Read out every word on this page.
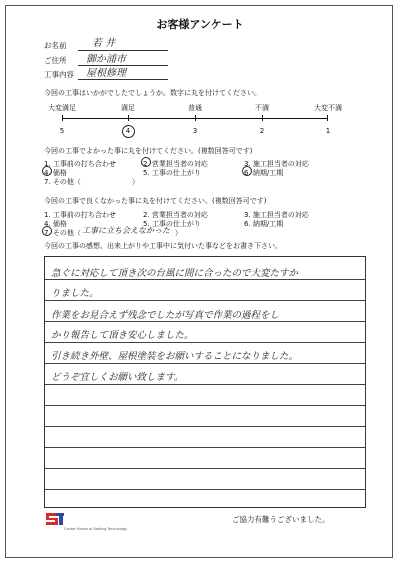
お客様アンケート
お名前	若 井
ご住所	御か浦市
工事内容	屋根修理
今回の工事はいかがでしたでしょうか。数字に丸を付けてください。
大変満足	満足	普通	不満	大変不満
5	4	3	2	1
今回の工事でよかった事に丸を付けてください。(複数回答可です)
1. 工事前の打ち合わせ	2. 営業担当者の対応	3. 施工担当者の対応
4. 価格	5. 工事の仕上がり	6. 納期/工期
7. その他（	）
今回の工事で良くなかった事に丸を付けてください。(複数回答可です)
1. 工事前の打ち合わせ	2. 営業担当者の対応	3. 施工担当者の対応
4. 価格	5. 工事の仕上がり	6. 納期/工期
7. その他（ 工事に立ち会えなかった ）
今回の工事の感想、出来上がりや工事中に気付いた事などをお書き下さい。
急ぐに対応して頂き次の台風に間に合ったので大変たすか
りました。
作業をお見合えず残念でしたが写真で作業の過程をし
かり報告して頂き安心しました。
引き続き外壁、屋根塗装をお願いすることになりました。
どうぞ宜しくお願い致します。
Center Hause of Sealing Technology
ご協力有難うございました。
